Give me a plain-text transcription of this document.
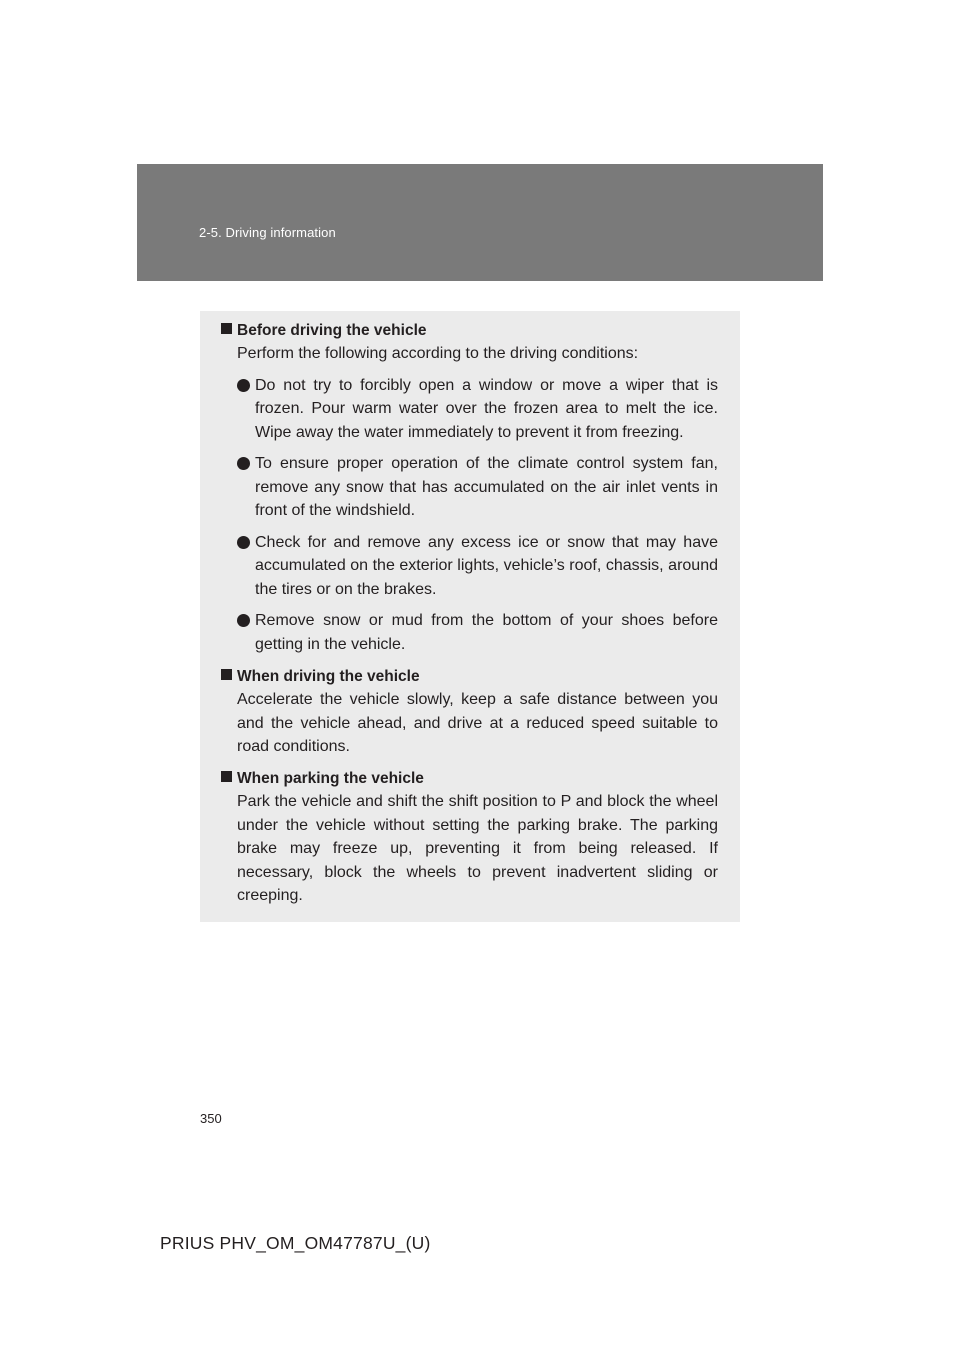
2-5. Driving information
Before driving the vehicle

Perform the following according to the driving conditions:

Do not try to forcibly open a window or move a wiper that is frozen. Pour warm water over the frozen area to melt the ice. Wipe away the water immediately to prevent it from freezing.
To ensure proper operation of the climate control system fan, remove any snow that has accumulated on the air inlet vents in front of the windshield.
Check for and remove any excess ice or snow that may have accumulated on the exterior lights, vehicle’s roof, chassis, around the tires or on the brakes.
Remove snow or mud from the bottom of your shoes before getting in the vehicle.
When driving the vehicle

Accelerate the vehicle slowly, keep a safe distance between you and the vehicle ahead, and drive at a reduced speed suitable to road conditions.

When parking the vehicle

Park the vehicle and shift the shift position to P and block the wheel under the vehicle without setting the parking brake. The parking brake may freeze up, preventing it from being released. If necessary, block the wheels to prevent inadvertent sliding or creeping.

350
PRIUS PHV_OM_OM47787U_(U)
